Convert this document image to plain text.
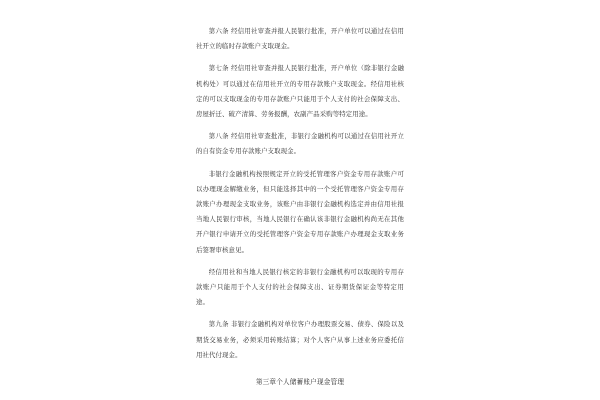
第六条 经信用社审查并报人民银行批准，开户单位可以通过在信用社开立的临时存款账户支取现金。

第七条 经信用社审查并报人民银行批准，开户单位（除非银行金融机构处）可以通过在信用社开立的专用存款账户支取现金。经信用社核定的可以支取现金的专用存款账户只能用于个人支付的社会保障支出、房屋折迁、破产清算、劳务报酬，农副产品采购等特定用途。

第八条 经信用社审查批准，非银行金融机构可以通过在信用社开立的自有资金专用存款账户支取现金。

非银行金融机构按照规定开立的受托管理客户资金专用存款账户可以办理现金解缴业务，但只能选择其中的一个受托管理客户资金专用存款账户办理现金支取业务，该账户由非银行金融机构选定并由信用社报当地人民银行审核，当地人民银行在确认该非银行金融机构尚无在其他开户银行申请开立的受托管理客户资金专用存款账户办理现金支取业务后签署审核意见。

经信用社和当地人民银行核定的非银行金融机构可以取现的专用存款账户只能用于个人支付的社会保障支出、证券期货保证金等特定用途。

第九条 非银行金融机构对单位客户办理股票交易、债券、保险以及期货交易业务，必须采用转账结算；对个人客户从事上述业务应委托信用社代付现金。

第三章个人储蓄账户现金管理
